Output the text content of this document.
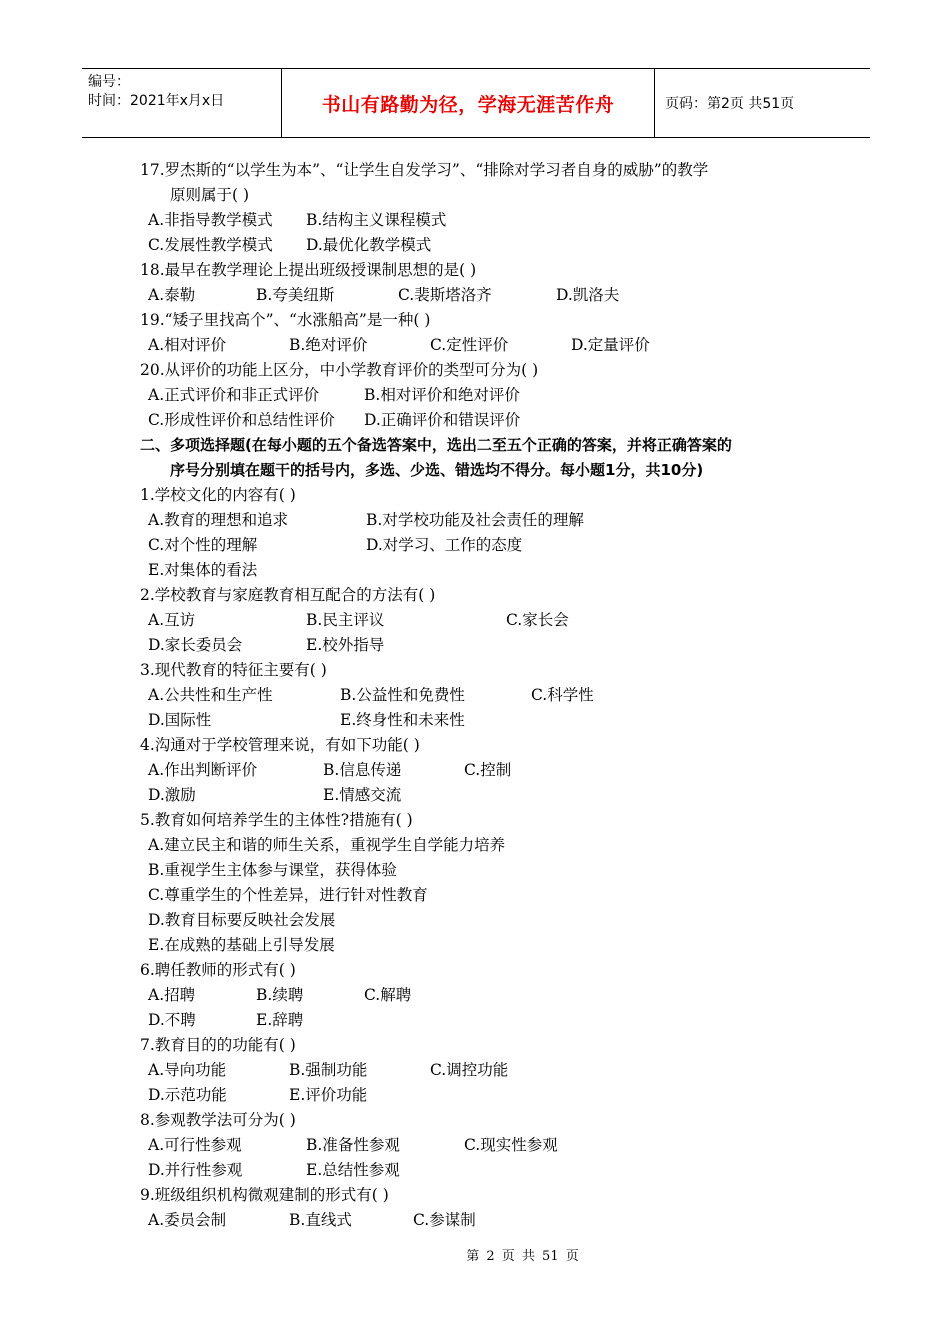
编号：
时间：2021年x月x日	书山有路勤为径，学海无涯苦作舟	页码：第2页 共51页
17.罗杰斯的“以学生为本”、“让学生自发学习”、“排除对学习者自身的威胁”的教学
原则属于( )
A.非指导教学模式	B.结构主义课程模式
C.发展性教学模式	D.最优化教学模式
18.最早在教学理论上提出班级授课制思想的是( )
A.泰勒	B.夸美纽斯	C.裴斯塔洛齐	D.凯洛夫
19.“矮子里找高个”、“水涨船高”是一种( )
A.相对评价	B.绝对评价	C.定性评价	D.定量评价
20.从评价的功能上区分，中小学教育评价的类型可分为( )
A.正式评价和非正式评价	B.相对评价和绝对评价
C.形成性评价和总结性评价	D.正确评价和错误评价
二、多项选择题(在每小题的五个备选答案中，选出二至五个正确的答案，并将正确答案的
序号分别填在题干的括号内，多选、少选、错选均不得分。每小题1分，共10分)
1.学校文化的内容有( )
A.教育的理想和追求	B.对学校功能及社会责任的理解
C.对个性的理解	D.对学习、工作的态度
E.对集体的看法
2.学校教育与家庭教育相互配合的方法有( )
A.互访	B.民主评议	C.家长会
D.家长委员会	E.校外指导
3.现代教育的特征主要有( )
A.公共性和生产性	B.公益性和免费性	C.科学性
D.国际性	E.终身性和未来性
4.沟通对于学校管理来说，有如下功能( )
A.作出判断评价	B.信息传递	C.控制
D.激励	E.情感交流
5.教育如何培养学生的主体性?措施有( )
A.建立民主和谐的师生关系，重视学生自学能力培养
B.重视学生主体参与课堂，获得体验
C.尊重学生的个性差异，进行针对性教育
D.教育目标要反映社会发展
E.在成熟的基础上引导发展
6.聘任教师的形式有( )
A.招聘	B.续聘	C.解聘
D.不聘	E.辞聘
7.教育目的的功能有( )
A.导向功能	B.强制功能	C.调控功能
D.示范功能	E.评价功能
8.参观教学法可分为( )
A.可行性参观	B.准备性参观	C.现实性参观
D.并行性参观	E.总结性参观
9.班级组织机构微观建制的形式有( )
A.委员会制	B.直线式	C.参谋制
第 2 页 共 51 页
